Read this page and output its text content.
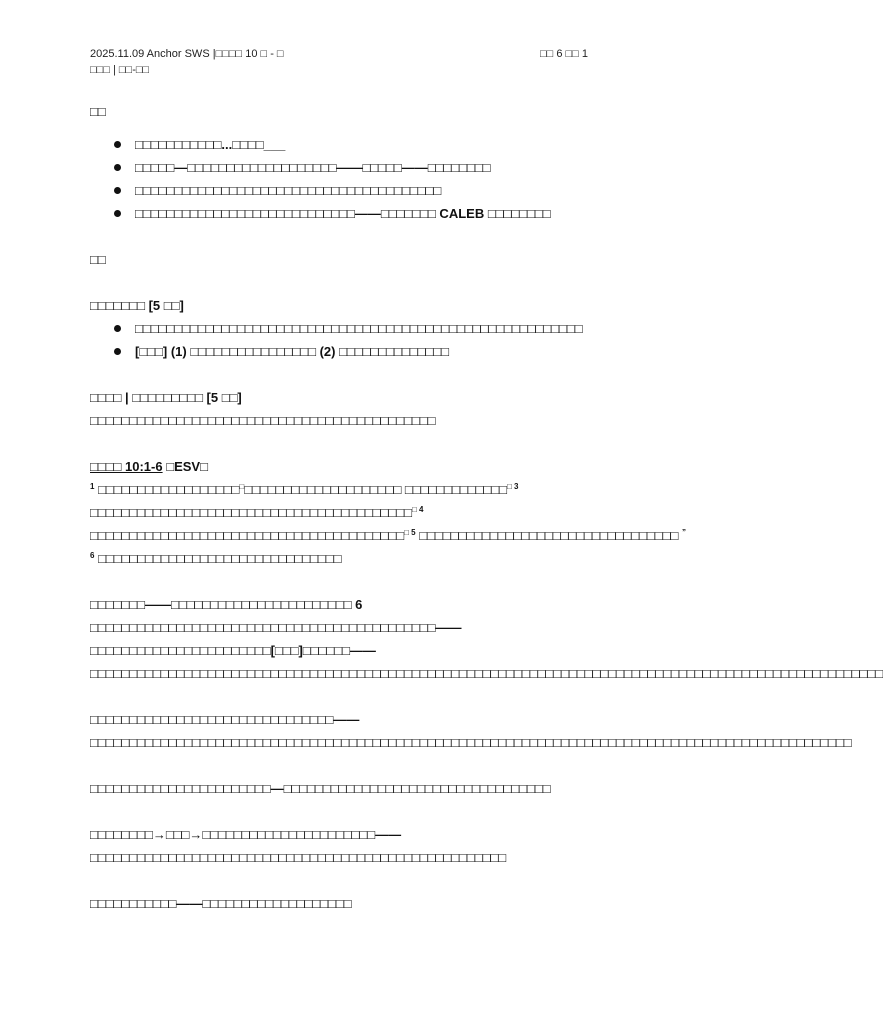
2025.11.09 Anchor SWS |□□□□ 10 □ - □	□□ 6 □□ 1
□□□ | □□-□□

□□

□□□□□□□□□□□...□□□□___
□□□□□—□□□□□□□□□□□□□□□□□□□——□□□□□——□□□□□□□□
□□□□□□□□□□□□□□□□□□□□□□□□□□□□□□□□□□□□□□□
□□□□□□□□□□□□□□□□□□□□□□□□□□□□——□□□□□□□ CALEB □□□□□□□□

□□

□□□□□□□ [5 □□]

□□□□□□□□□□□□□□□□□□□□□□□□□□□□□□□□□□□□□□□□□□□□□□□□□□□□□□□□□
[□□□] (1) □□□□□□□□□□□□□□□□ (2) □□□□□□□□□□□□□□

□□□□ | □□□□□□□□□ [5 □□]

□□□□□□□□□□□□□□□□□□□□□□□□□□□□□□□□□□□□□□□□□□□□

□□□□ 10:1-6 □ESV□

$^1$ □□□□□□□□□□□□□□□□□□□□□□□□□□□□□□□□□□□□□□□ □□□□□□□□□□□□□$^{□ 3}$ □□□□□□□□□□□□□□□□□□□□□□□□□□□□□□□□□□□□□□□□□$^{□ 4}$ □□□□□□□□□□□□□□□□□□□□□□□□□□□□□□□□□□□□□□□□$^{□ 5}$ □□□□□□□□□□□□□□□□□□□□□□□□□□□□□□□□□ $^{” 6}$ □□□□□□□□□□□□□□□□□□□□□□□□□□□□□□□

□□□□□□□——□□□□□□□□□□□□□□□□□□□□□□□ 6 □□□□□□□□□□□□□□□□□□□□□□□□□□□□□□□□□□□□□□□□□□□□——□□□□□□□□□□□□□□□□□□□□□□□[□□□]□□□□□□——□□□□□□□□□□□□□□□□□□□□□□□□□□□□□□□□□□□□□□□□□□□□□□□□□□□□□□□□□□□□□□□□□□□□□□□□□□□□□□□□□□□□□□□□□□□□□□□□□□□□□

□□□□□□□□□□□□□□□□□□□□□□□□□□□□□□□——□□□□□□□□□□□□□□□□□□□□□□□□□□□□□□□□□□□□□□□□□□□□□□□□□□□□□□□□□□□□□□□□□□□□□□□□□□□□□□□□□□□□□□□□□□□□□□□□□

□□□□□□□□□□□□□□□□□□□□□□□—□□□□□□□□□□□□□□□□□□□□□□□□□□□□□□□□□□

□□□□□□□□→□□□→□□□□□□□□□□□□□□□□□□□□□□——□□□□□□□□□□□□□□□□□□□□□□□□□□□□□□□□□□□□□□□□□□□□□□□□□□□□□

□□□□□□□□□□□——□□□□□□□□□□□□□□□□□□□
